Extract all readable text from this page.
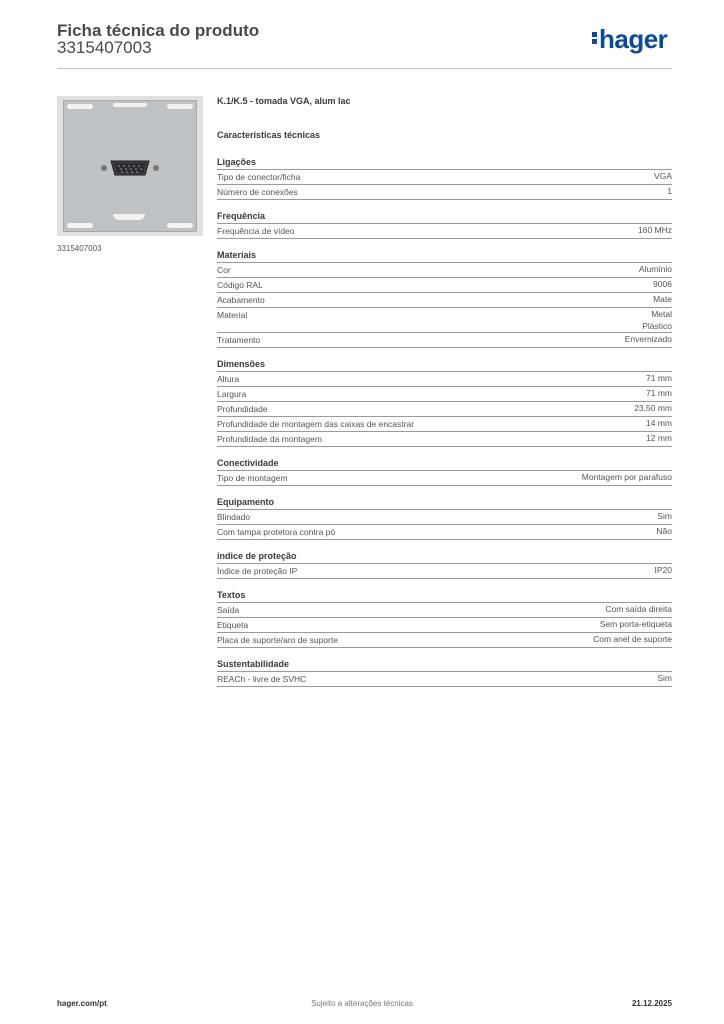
Ficha técnica do produto
3315407003	hager
3315407003
K.1/K.5 - tomada VGA, alum lac
Características técnicas
Ligações
Tipo de conector/ficha	VGA
Número de conexões	1
Frequência
Frequência de vídeo	160 MHz
Materiais
Cor	Alumínio
Código RAL	9006
Acabamento	Mate
Material	Metal
Plástico
Tratamento	Envernizado
Dimensões
Altura	71 mm
Largura	71 mm
Profundidade	23,50 mm
Profundidade de montagem das caixas de encastrar	14 mm
Profundidade da montagem	12 mm
Conectividade
Tipo de montagem	Montagem por parafuso
Equipamento
Blindado	Sim
Com tampa protetora contra pó	Não
índice de proteção
Índice de proteção IP	IP20
Textos
Saída	Com saída direita
Etiqueta	Sem porta-etiqueta
Placa de suporte/aro de suporte	Com anel de suporte
Sustentabilidade
REACh - livre de SVHC	Sim
hager.com/pt	Sujeito a alterações técnicas	21.12.2025
